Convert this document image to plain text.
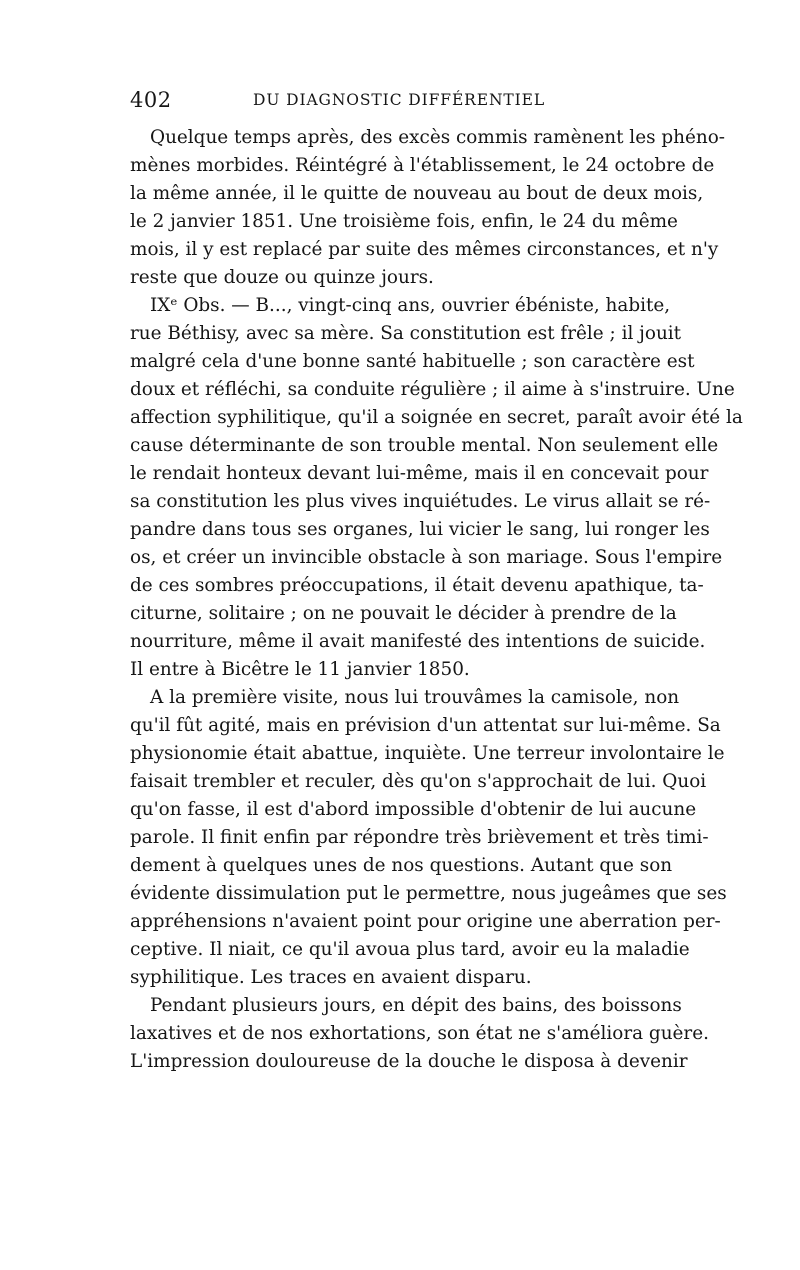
402	DU DIAGNOSTIC DIFFÉRENTIEL
Quelque temps après, des excès commis ramènent les phéno-
mènes morbides. Réintégré à l'établissement, le 24 octobre de
la même année, il le quitte de nouveau au bout de deux mois,
le 2 janvier 1851. Une troisième fois, enfin, le 24 du même
mois, il y est replacé par suite des mêmes circonstances, et n'y
reste que douze ou quinze jours.
IXᵉ Obs. — B..., vingt-cinq ans, ouvrier ébéniste, habite,
rue Béthisy, avec sa mère. Sa constitution est frêle ; il jouit
malgré cela d'une bonne santé habituelle ; son caractère est
doux et réfléchi, sa conduite régulière ; il aime à s'instruire. Une
affection syphilitique, qu'il a soignée en secret, paraît avoir été la
cause déterminante de son trouble mental. Non seulement elle
le rendait honteux devant lui-même, mais il en concevait pour
sa constitution les plus vives inquiétudes. Le virus allait se ré-
pandre dans tous ses organes, lui vicier le sang, lui ronger les
os, et créer un invincible obstacle à son mariage. Sous l'empire
de ces sombres préoccupations, il était devenu apathique, ta-
citurne, solitaire ; on ne pouvait le décider à prendre de la
nourriture, même il avait manifesté des intentions de suicide.
Il entre à Bicêtre le 11 janvier 1850.
A la première visite, nous lui trouvâmes la camisole, non
qu'il fût agité, mais en prévision d'un attentat sur lui-même. Sa
physionomie était abattue, inquiète. Une terreur involontaire le
faisait trembler et reculer, dès qu'on s'approchait de lui. Quoi
qu'on fasse, il est d'abord impossible d'obtenir de lui aucune
parole. Il finit enfin par répondre très brièvement et très timi-
dement à quelques unes de nos questions. Autant que son
évidente dissimulation put le permettre, nous jugeâmes que ses
appréhensions n'avaient point pour origine une aberration per-
ceptive. Il niait, ce qu'il avoua plus tard, avoir eu la maladie
syphilitique. Les traces en avaient disparu.
Pendant plusieurs jours, en dépit des bains, des boissons
laxatives et de nos exhortations, son état ne s'améliora guère.
L'impression douloureuse de la douche le disposa à devenir
